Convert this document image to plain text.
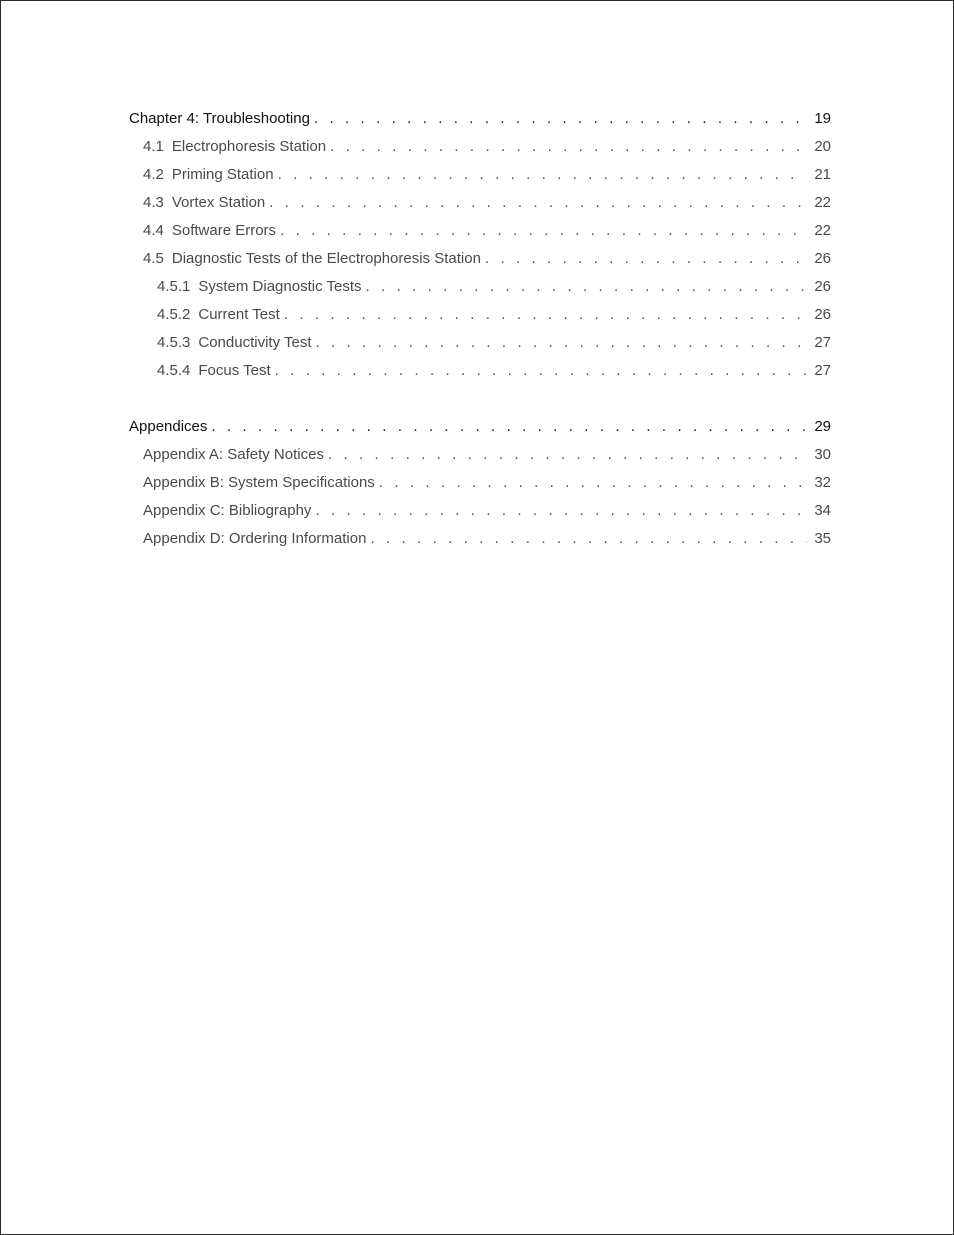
Chapter 4: Troubleshooting . . .	19
4.1 Electrophoresis Station . . .	20
4.2 Priming Station . . .	21
4.3 Vortex Station . . .	22
4.4 Software Errors . . .	22
4.5 Diagnostic Tests of the Electrophoresis Station . . .	26
4.5.1 System Diagnostic Tests . . .	26
4.5.2 Current Test . . .	26
4.5.3 Conductivity Test . . .	27
4.5.4 Focus Test . . .	27
Appendices . . .	29
Appendix A: Safety Notices . . .	30
Appendix B: System Specifications . . .	32
Appendix C: Bibliography . . .	34
Appendix D: Ordering Information . . .	35
